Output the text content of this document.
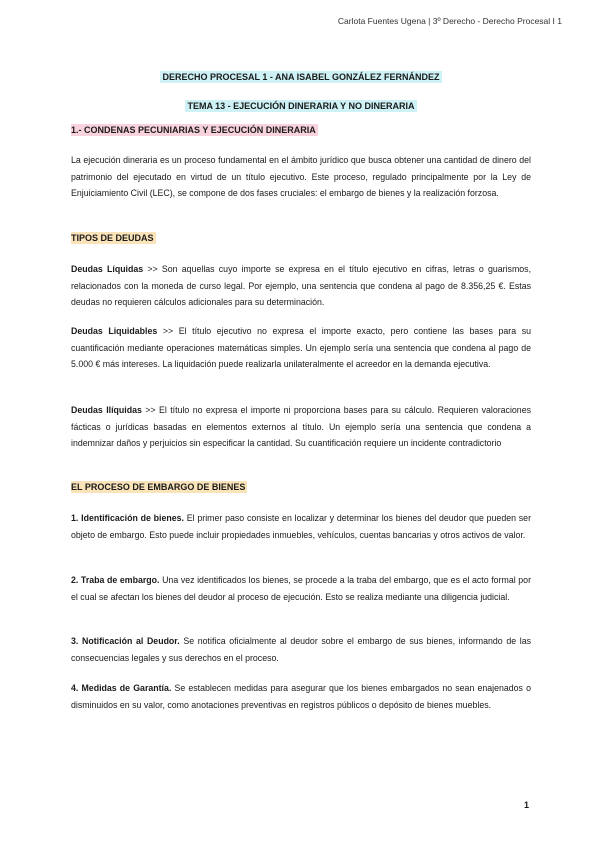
Carlota Fuentes Ugena | 3º Derecho - Derecho Procesal I 1
DERECHO PROCESAL 1 - ANA ISABEL GONZÁLEZ FERNÁNDEZ
TEMA 13 - EJECUCIÓN DINERARIA Y NO DINERARIA
1.- CONDENAS PECUNIARIAS Y EJECUCIÓN DINERARIA

La ejecución dineraria es un proceso fundamental en el ámbito jurídico que busca obtener una cantidad de dinero del patrimonio del ejecutado en virtud de un título ejecutivo. Este proceso, regulado principalmente por la Ley de Enjuiciamiento Civil (LEC), se compone de dos fases cruciales: el embargo de bienes y la realización forzosa.

TIPOS DE DEUDAS

Deudas Líquidas >> Son aquellas cuyo importe se expresa en el título ejecutivo en cifras, letras o guarismos, relacionados con la moneda de curso legal. Por ejemplo, una sentencia que condena al pago de 8.356,25 €. Estas deudas no requieren cálculos adicionales para su determinación.

Deudas Liquidables >> El título ejecutivo no expresa el importe exacto, pero contiene las bases para su cuantificación mediante operaciones matemáticas simples. Un ejemplo sería una sentencia que condena al pago de 5.000 € más intereses. La liquidación puede realizarla unilateralmente el acreedor en la demanda ejecutiva.

Deudas Ilíquidas >> El título no expresa el importe ni proporciona bases para su cálculo. Requieren valoraciones fácticas o jurídicas basadas en elementos externos al título. Un ejemplo sería una sentencia que condena a indemnizar daños y perjuicios sin especificar la cantidad. Su cuantificación requiere un incidente contradictorio

EL PROCESO DE EMBARGO DE BIENES

1. Identificación de bienes. El primer paso consiste en localizar y determinar los bienes del deudor que pueden ser objeto de embargo. Esto puede incluir propiedades inmuebles, vehículos, cuentas bancarias y otros activos de valor.

2. Traba de embargo. Una vez identificados los bienes, se procede a la traba del embargo, que es el acto formal por el cual se afectan los bienes del deudor al proceso de ejecución. Esto se realiza mediante una diligencia judicial.

3. Notificación al Deudor. Se notifica oficialmente al deudor sobre el embargo de sus bienes, informando de las consecuencias legales y sus derechos en el proceso.

4. Medidas de Garantía. Se establecen medidas para asegurar que los bienes embargados no sean enajenados o disminuidos en su valor, como anotaciones preventivas en registros públicos o depósito de bienes muebles.

1
